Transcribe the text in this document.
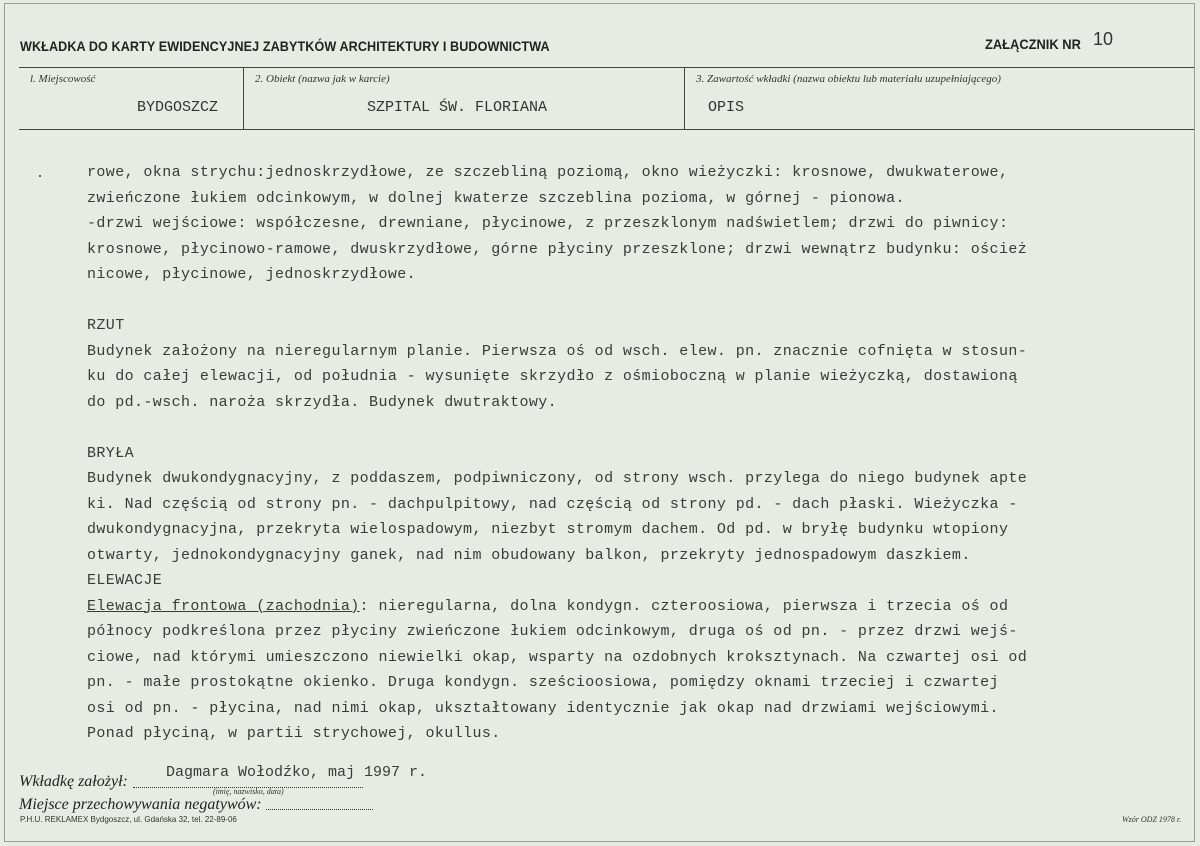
WKŁADKA DO KARTY EWIDENCYJNEJ ZABYTKÓW ARCHITEKTURY I BUDOWNICTWA	ZAŁĄCZNIK NR 10
l. Miejscowość
BYDGOSZCZ
2. Obiekt (nazwa jak w karcie)
SZPITAL ŚW. FLORIANA
3. Zawartość wkładki (nazwa obiektu lub materiału uzupełniającego)
OPIS
rowe, okna strychu:jednoskrzydłowe, ze szczebliną poziomą, okno wieżyczki: krosnowe, dwukwaterowe,
zwieńczone łukiem odcinkowym, w dolnej kwaterze szczeblina pozioma, w górnej - pionowa.
-drzwi wejściowe: współczesne, drewniane, płycinowe, z przeszklonym nadświetlem; drzwi do piwnicy:
krosnowe, płycinowo-ramowe, dwuskrzydłowe, górne płyciny przeszklone; drzwi wewnątrz budynku: oścież
nicowe, płycinowe, jednoskrzydłowe.
RZUT
Budynek założony na nieregularnym planie. Pierwsza oś od wsch. elew. pn. znacznie cofnięta w stosun-
ku do całej elewacji, od południa - wysunięte skrzydło z ośmioboczną w planie wieżyczką, dostawioną
do pd.-wsch. naroża skrzydła. Budynek dwutraktowy.
BRYŁA
Budynek dwukondygnacyjny, z poddaszem, podpiwniczony, od strony wsch. przylega do niego budynek apte
ki. Nad częścią od strony pn. - dachpulpitowy, nad częścią od strony pd. - dach płaski. Wieżyczka -
dwukondygnacyjna, przekryta wielospadowym, niezbyt stromym dachem. Od pd. w bryłę budynku wtopiony
otwarty, jednokondygnacyjny ganek, nad nim obudowany balkon, przekryty jednospadowym daszkiem.
ELEWACJE
Elewacja frontowa (zachodnia): nieregularna, dolna kondygn. czteroosiowa, pierwsza i trzecia oś od
północy podkreślona przez płyciny zwieńczone łukiem odcinkowym, druga oś od pn. - przez drzwi wejś-
ciowe, nad którymi umieszczono niewielki okap, wsparty na ozdobnych kroksztynach. Na czwartej osi od
pn. - małe prostokątne okienko. Druga kondygn. sześcioosiowa, pomiędzy oknami trzeciej i czwartej
osi od pn. - płycina, nad nimi okap, ukształtowany identycznie jak okap nad drzwiami wejściowymi.
Ponad płyciną, w partii strychowej, okullus.
Wkładkę założył:
Dagmara Wołodźko, maj 1997 r.
(imię, nazwisko, data)
Miejsce przechowywania negatywów:
P.H.U. REKLAMEX Bydgoszcz, ul. Gdańska 32, tel. 22-89-06	Wzór ODZ 1978 r.
